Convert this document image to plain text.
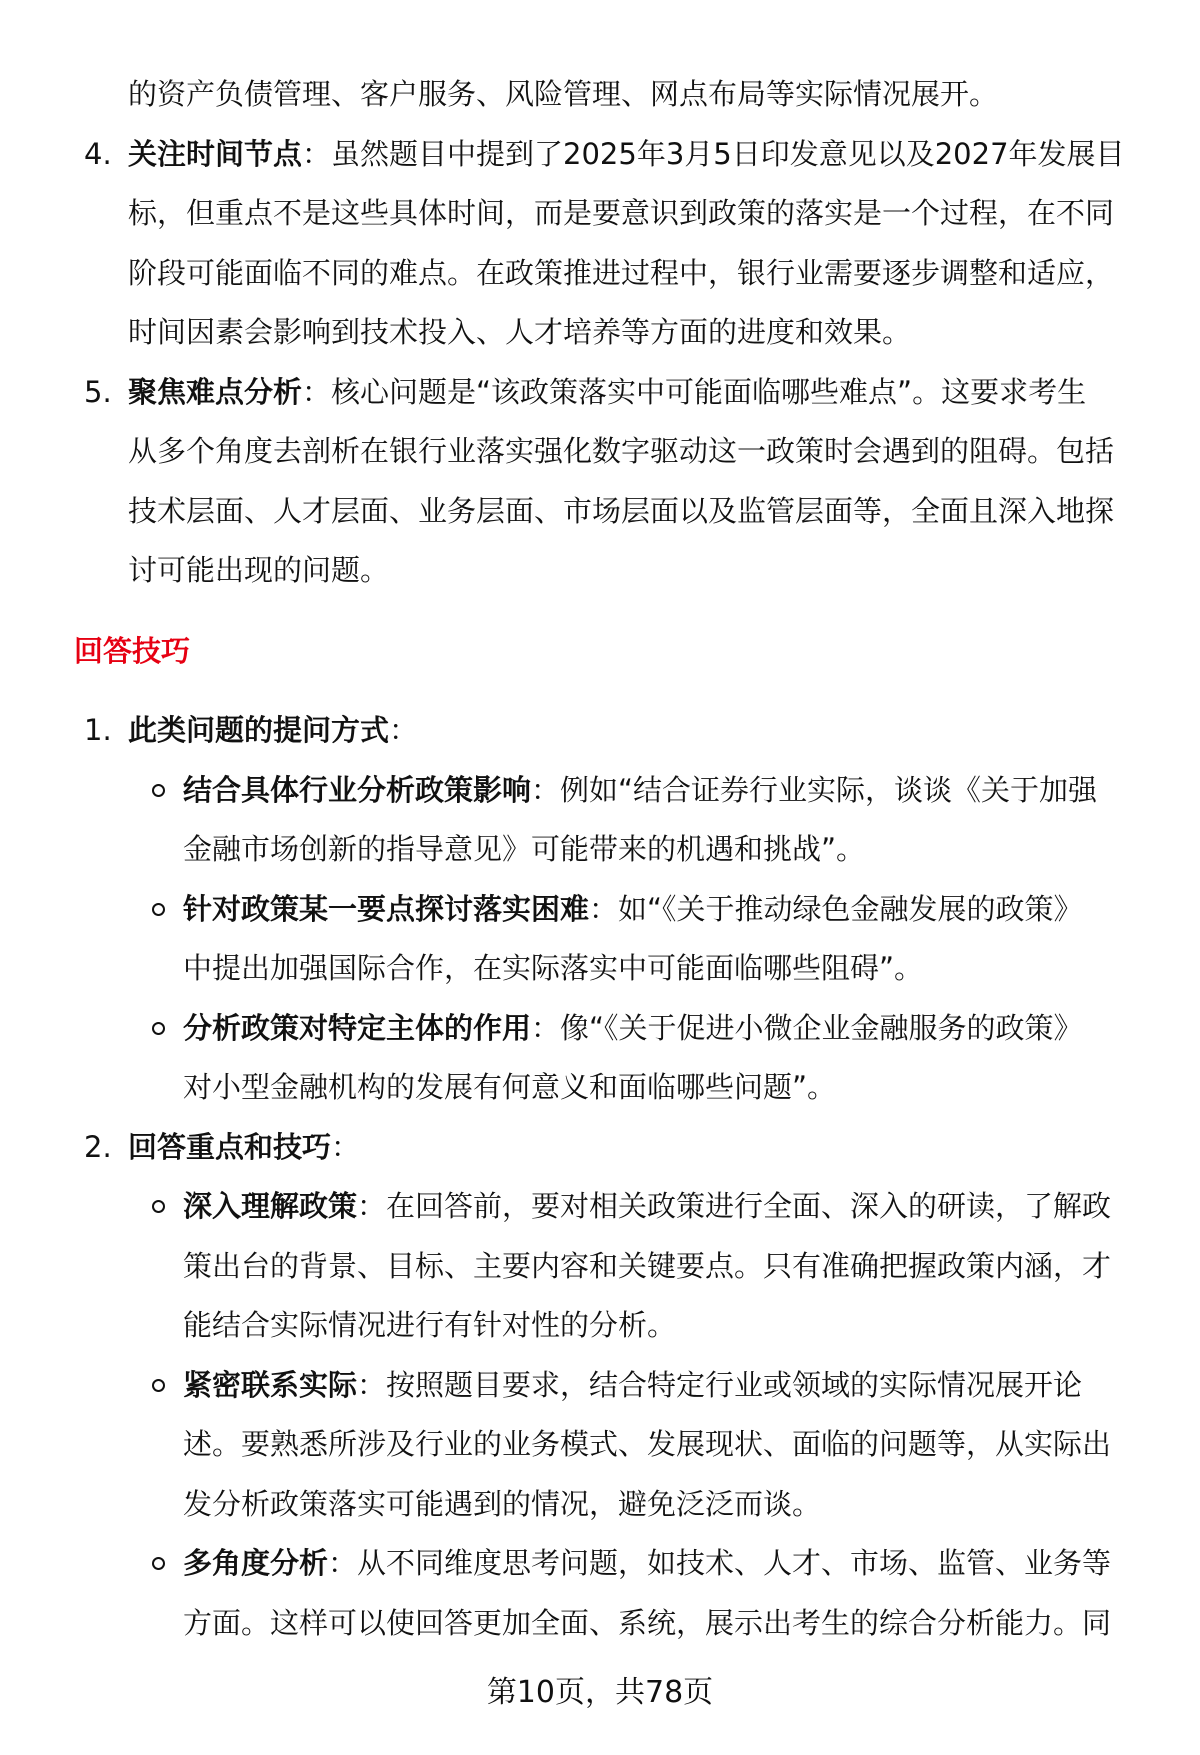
的资产负债管理、客户服务、风险管理、网点布局等实际情况展开。
4. 关注时间节点：虽然题目中提到了2025年3月5日印发意见以及2027年发展目
标，但重点不是这些具体时间，而是要意识到政策的落实是一个过程，在不同
阶段可能面临不同的难点。在政策推进过程中，银行业需要逐步调整和适应，
时间因素会影响到技术投入、人才培养等方面的进度和效果。
5. 聚焦难点分析：核心问题是“该政策落实中可能面临哪些难点”。这要求考生
从多个角度去剖析在银行业落实强化数字驱动这一政策时会遇到的阻碍。包括
技术层面、人才层面、业务层面、市场层面以及监管层面等，全面且深入地探
讨可能出现的问题。
回答技巧
1. 此类问题的提问方式：
结合具体行业分析政策影响：例如“结合证券行业实际，谈谈《关于加强
金融市场创新的指导意见》可能带来的机遇和挑战”。
针对政策某一要点探讨落实困难：如“《关于推动绿色金融发展的政策》
中提出加强国际合作，在实际落实中可能面临哪些阻碍”。
分析政策对特定主体的作用：像“《关于促进小微企业金融服务的政策》
对小型金融机构的发展有何意义和面临哪些问题”。
2. 回答重点和技巧：
深入理解政策：在回答前，要对相关政策进行全面、深入的研读，了解政
策出台的背景、目标、主要内容和关键要点。只有准确把握政策内涵，才
能结合实际情况进行有针对性的分析。
紧密联系实际：按照题目要求，结合特定行业或领域的实际情况展开论
述。要熟悉所涉及行业的业务模式、发展现状、面临的问题等，从实际出
发分析政策落实可能遇到的情况，避免泛泛而谈。
多角度分析：从不同维度思考问题，如技术、人才、市场、监管、业务等
方面。这样可以使回答更加全面、系统，展示出考生的综合分析能力。同
第10页，共78页
